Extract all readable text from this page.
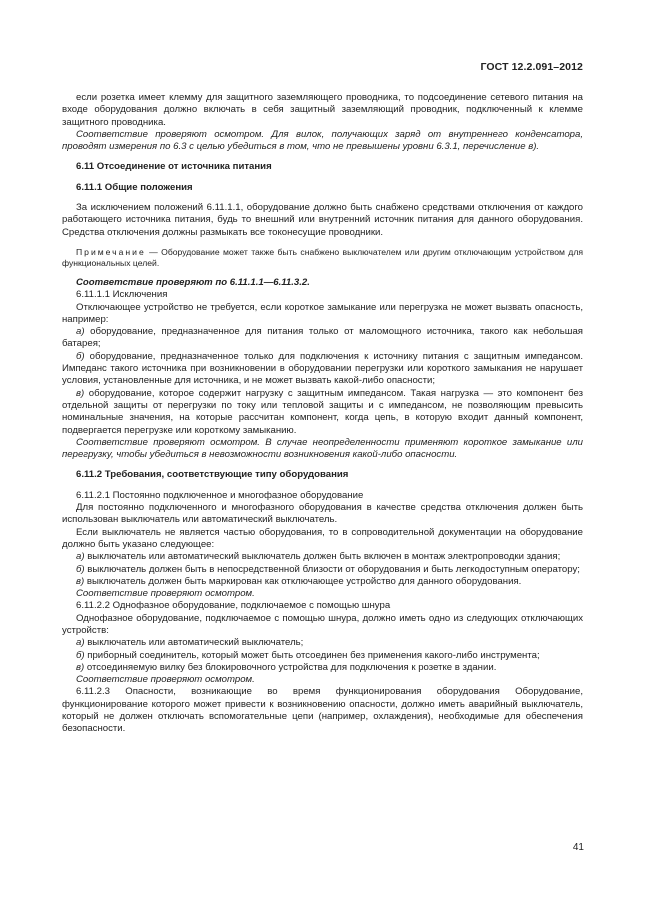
ГОСТ 12.2.091–2012

если розетка имеет клемму для защитного заземляющего проводника, то подсоединение сетевого питания на входе оборудования должно включать в себя защитный заземляющий проводник, подключенный к клемме защитного проводника.

Соответствие проверяют осмотром. Для вилок, получающих заряд от внутреннего конденсатора, проводят измерения по 6.3 с целью убедиться в том, что не превышены уровни 6.3.1, перечисление в).

6.11 Отсоединение от источника питания

6.11.1 Общие положения

За исключением положений 6.11.1.1, оборудование должно быть снабжено средствами отключения от каждого работающего источника питания, будь то внешний или внутренний источник питания для данного оборудования. Средства отключения должны размыкать все токонесущие проводники.

Примечание — Оборудование может также быть снабжено выключателем или другим отключающим устройством для функциональных целей.

Соответствие проверяют по 6.11.1.1—6.11.3.2.

6.11.1.1 Исключения

Отключающее устройство не требуется, если короткое замыкание или перегрузка не может вызвать опасность, например:

а) оборудование, предназначенное для питания только от маломощного источника, такого как небольшая батарея;

б) оборудование, предназначенное только для подключения к источнику питания с защитным импедансом. Импеданс такого источника при возникновении в оборудовании перегрузки или короткого замыкания не нарушает условия, установленные для источника, и не может вызвать какой-либо опасности;

в) оборудование, которое содержит нагрузку с защитным импедансом. Такая нагрузка — это компонент без отдельной защиты от перегрузки по току или тепловой защиты и с импедансом, не позволяющим превысить номинальные значения, на которые рассчитан компонент, когда цепь, в которую входит данный компонент, подвергается перегрузке или короткому замыканию.

Соответствие проверяют осмотром. В случае неопределенности применяют короткое замыкание или перегрузку, чтобы убедиться в невозможности возникновения какой-либо опасности.

6.11.2 Требования, соответствующие типу оборудования

6.11.2.1 Постоянно подключенное и многофазное оборудование

Для постоянно подключенного и многофазного оборудования в качестве средства отключения должен быть использован выключатель или автоматический выключатель.

Если выключатель не является частью оборудования, то в сопроводительной документации на оборудование должно быть указано следующее:

а) выключатель или автоматический выключатель должен быть включен в монтаж электропроводки здания;

б) выключатель должен быть в непосредственной близости от оборудования и быть легкодоступным оператору;

в) выключатель должен быть маркирован как отключающее устройство для данного оборудования.

Соответствие проверяют осмотром.

6.11.2.2 Однофазное оборудование, подключаемое с помощью шнура

Однофазное оборудование, подключаемое с помощью шнура, должно иметь одно из следующих отключающих устройств:

а) выключатель или автоматический выключатель;

б) приборный соединитель, который может быть отсоединен без применения какого-либо инструмента;

в) отсоединяемую вилку без блокировочного устройства для подключения к розетке в здании.

Соответствие проверяют осмотром.

6.11.2.3 Опасности, возникающие во время функционирования оборудования Оборудование, функционирование которого может привести к возникновению опасности, должно иметь аварийный выключатель, который не должен отключать вспомогательные цепи (например, охлаждения), необходимые для обеспечения безопасности.

41
